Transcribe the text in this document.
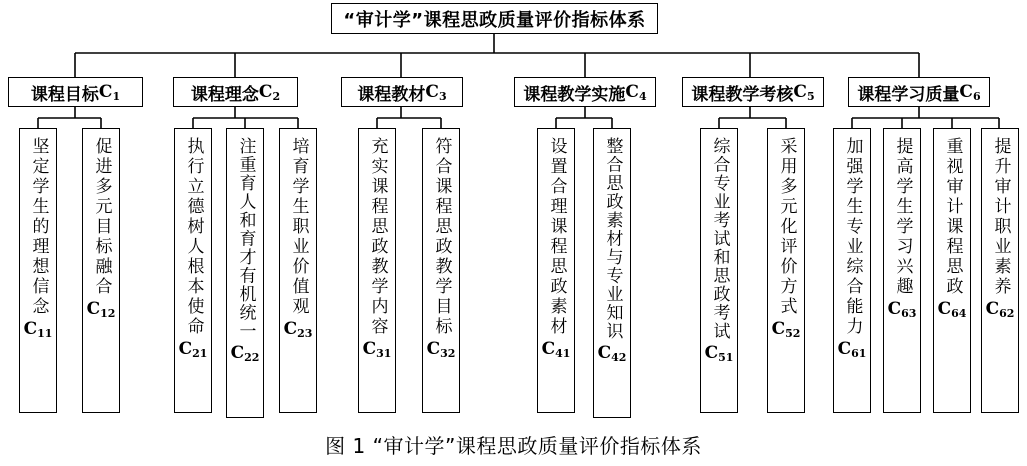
“审计学”课程思政质量评价指标体系
课程目标 $C_1$	课程理念 $C_2$	课程教材 $C_3$	课程教学实施 $C_4$	课程教学考核 $C_5$	课程学习质量 $C_6$
坚定学生的理想信念
$C_{11}$
促进多元目标融合
$C_{12}$	执行立德树人根本使命
$C_{21}$
注重育人和育才有机统一
$C_{22}$
培育学生职业价值观
$C_{23}$	充实课程思政教学内容
$C_{31}$
符合课程思政教学目标
$C_{32}$
设置合理课程思政素材
$C_{41}$
整合思政素材与专业知识
$C_{42}$
综合专业考试和思政考试
$C_{51}$
采用多元化评价方式
$C_{52}$ 加强学生专业综合能力
$C_{61}$
提高学生学习兴趣
$C_{63}$
重视审计课程思政
$C_{64}$
提升审计职业素养
$C_{62}$
图 1 “审计学”课程思政质量评价指标体系
